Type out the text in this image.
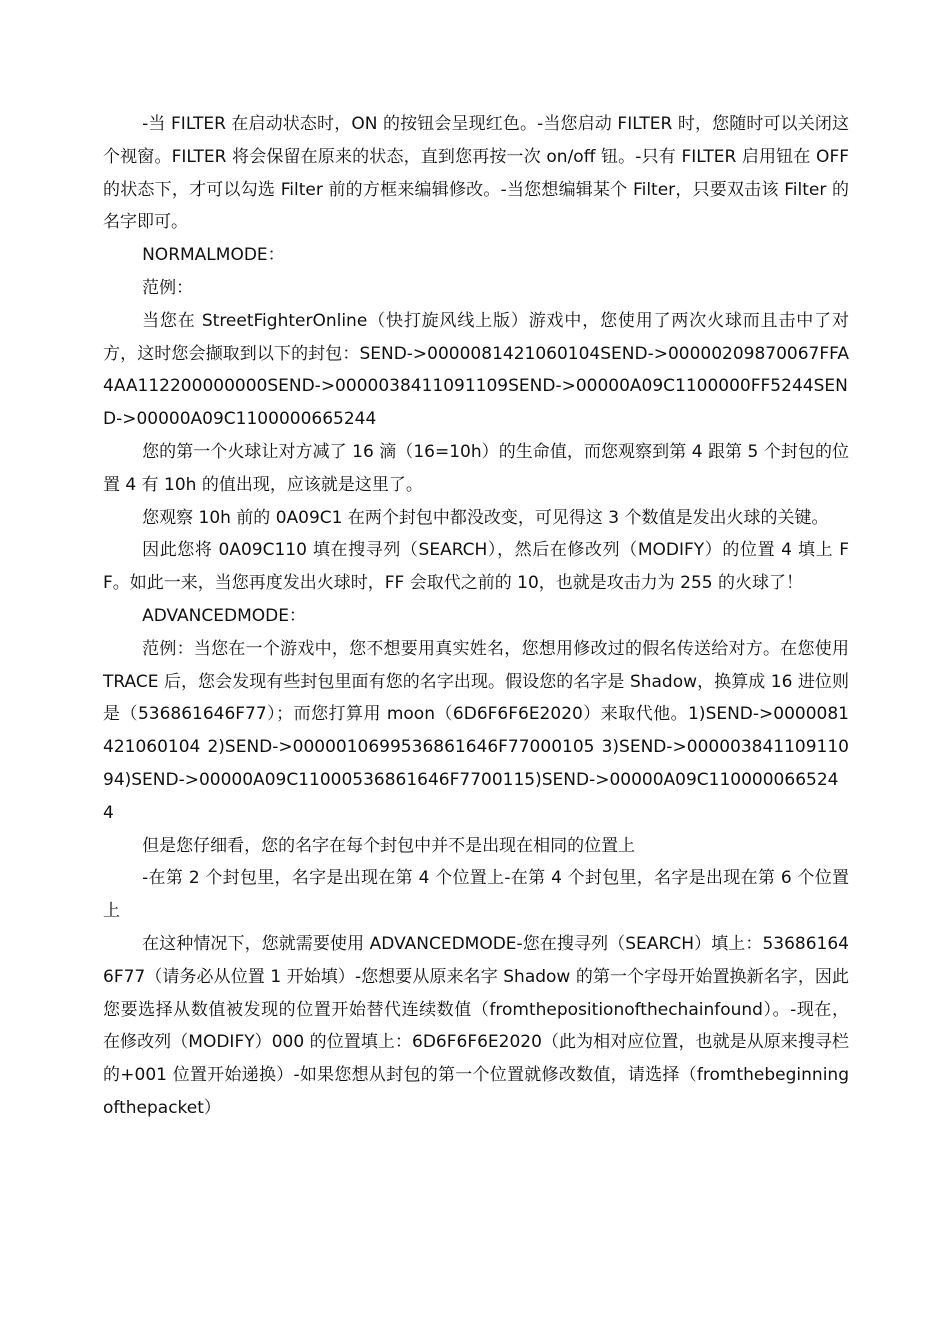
-当 FILTER 在启动状态时，ON 的按钮会呈现红色。-当您启动 FILTER 时，您随时可以关闭这个视窗。FILTER 将会保留在原来的状态，直到您再按一次 on/off 钮。-只有 FILTER 启用钮在 OFF 的状态下，才可以勾选 Filter 前的方框来编辑修改。-当您想编辑某个 Filter，只要双击该 Filter 的名字即可。

NORMALMODE：

范例：

当您在 StreetFighterOnline（快打旋风线上版）游戏中，您使用了两次火球而且击中了对方，这时您会撷取到以下的封包：SEND->0000081421060104SEND->00000209870067FFA4AA112200000000SEND->0000038411091109SEND->00000A09C1100000FF5244SEND->00000A09C1100000665244

您的第一个火球让对方减了 16 滴（16=10h）的生命值，而您观察到第 4 跟第 5 个封包的位置 4 有 10h 的值出现，应该就是这里了。

您观察 10h 前的 0A09C1 在两个封包中都没改变，可见得这 3 个数值是发出火球的关键。

因此您将 0A09C110 填在搜寻列（SEARCH），然后在修改列（MODIFY）的位置 4 填上 FF。如此一来，当您再度发出火球时，FF 会取代之前的 10，也就是攻击力为 255 的火球了！

ADVANCEDMODE：

范例：当您在一个游戏中，您不想要用真实姓名，您想用修改过的假名传送给对方。在您使用 TRACE 后，您会发现有些封包里面有您的名字出现。假设您的名字是 Shadow，换算成 16 进位则是（536861646F77）；而您打算用 moon（6D6F6F6E2020）来取代他。1)SEND->0000081421060104 2)SEND->0000010699536861646F77000105 3)SEND->00000384110911094)SEND->00000A09C11000536861646F7700115)SEND->00000A09C1100000665244

但是您仔细看，您的名字在每个封包中并不是出现在相同的位置上

-在第 2 个封包里，名字是出现在第 4 个位置上-在第 4 个封包里，名字是出现在第 6 个位置上

在这种情况下，您就需要使用 ADVANCEDMODE-您在搜寻列（SEARCH）填上：536861646F77（请务必从位置 1 开始填）-您想要从原来名字 Shadow 的第一个字母开始置换新名字，因此您要选择从数值被发现的位置开始替代连续数值（fromthepositionofthechainfound）。-现在，在修改列（MODIFY）000 的位置填上：6D6F6F6E2020（此为相对应位置，也就是从原来搜寻栏的+001 位置开始递换）-如果您想从封包的第一个位置就修改数值，请选择（fromthebeginningofthepacket）
